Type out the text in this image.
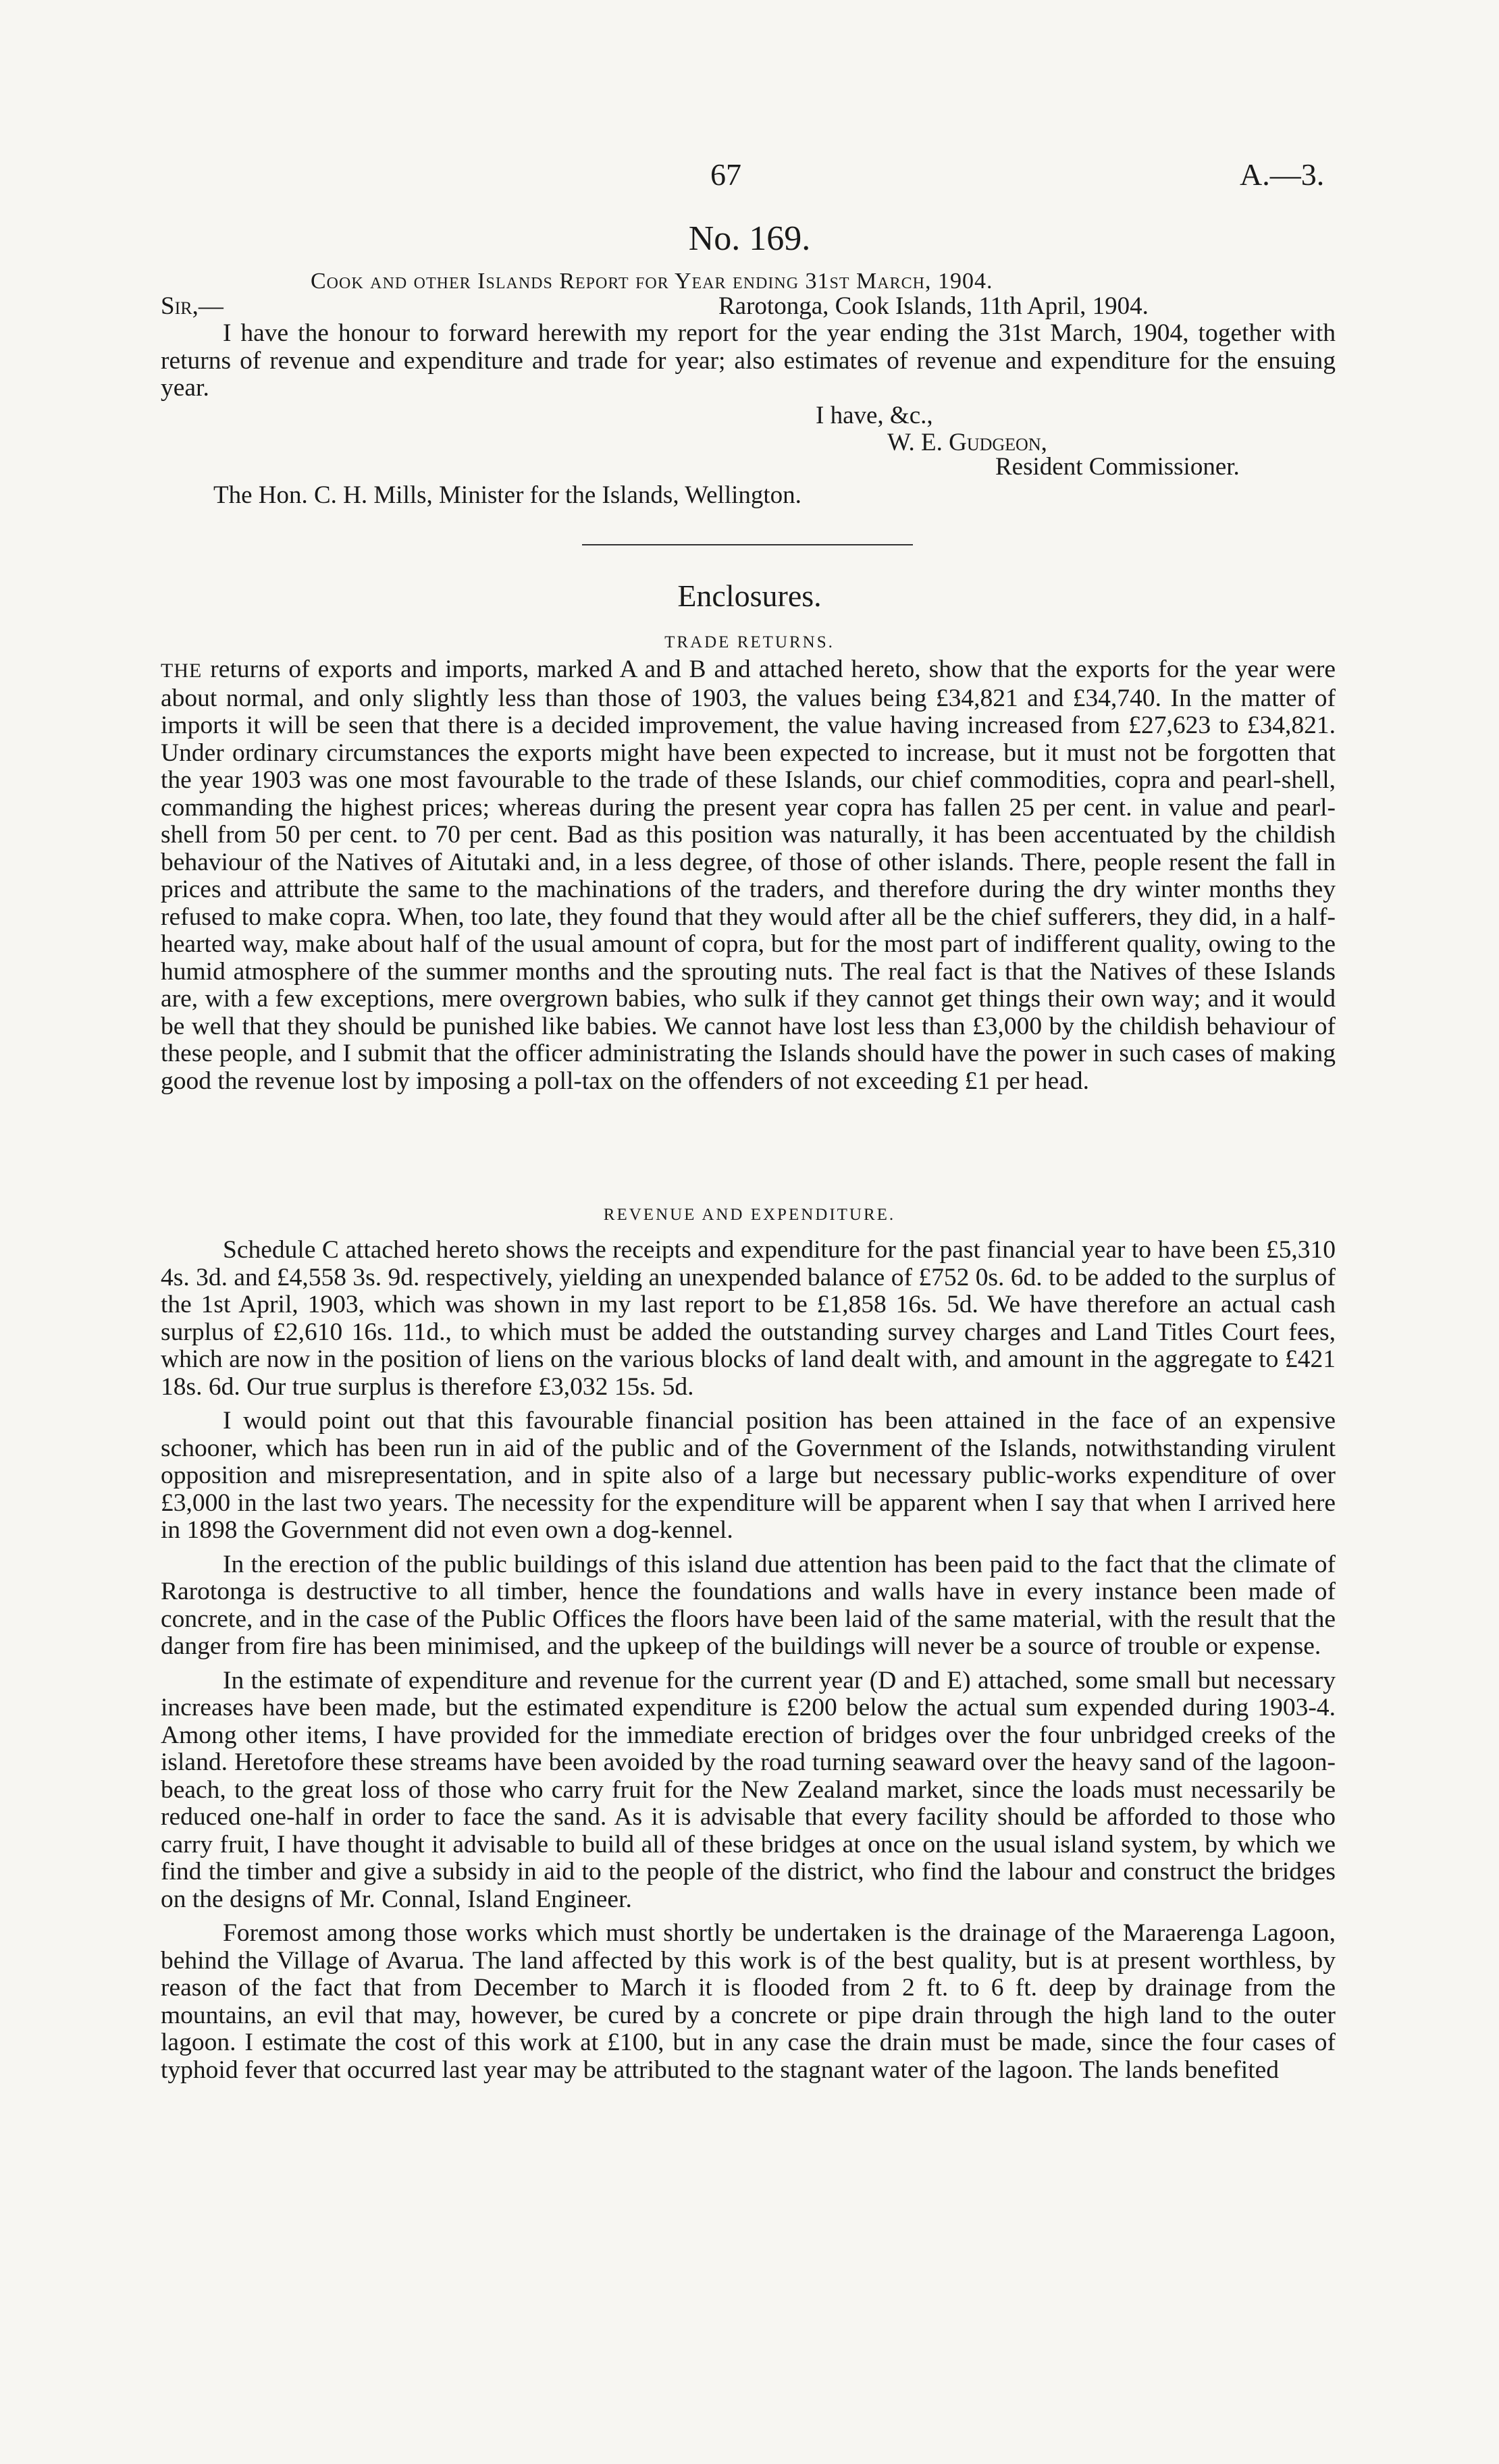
67	A.—3.
No. 169.
Cook and other Islands Report for Year ending 31st March, 1904.
Sir,—	Rarotonga, Cook Islands, 11th April, 1904.

I have the honour to forward herewith my report for the year ending the 31st March, 1904, together with returns of revenue and expenditure and trade for year; also estimates of revenue and expenditure for the ensuing year.

I have, &c.,
W. E. Gudgeon,
Resident Commissioner.
The Hon. C. H. Mills, Minister for the Islands, Wellington.
Enclosures.
TRADE RETURNS.

THE returns of exports and imports, marked A and B and attached hereto, show that the exports for the year were about normal, and only slightly less than those of 1903, the values being £34,821 and £34,740. In the matter of imports it will be seen that there is a decided improvement, the value having increased from £27,623 to £34,821. Under ordinary circumstances the exports might have been expected to increase, but it must not be forgotten that the year 1903 was one most favourable to the trade of these Islands, our chief commodities, copra and pearl-shell, commanding the highest prices; whereas during the present year copra has fallen 25 per cent. in value and pearl-shell from 50 per cent. to 70 per cent. Bad as this position was naturally, it has been accentuated by the childish behaviour of the Natives of Aitutaki and, in a less degree, of those of other islands. There, people resent the fall in prices and attribute the same to the machinations of the traders, and therefore during the dry winter months they refused to make copra. When, too late, they found that they would after all be the chief sufferers, they did, in a half-hearted way, make about half of the usual amount of copra, but for the most part of indifferent quality, owing to the humid atmosphere of the summer months and the sprouting nuts. The real fact is that the Natives of these Islands are, with a few exceptions, mere overgrown babies, who sulk if they cannot get things their own way; and it would be well that they should be punished like babies. We cannot have lost less than £3,000 by the childish behaviour of these people, and I submit that the officer administrating the Islands should have the power in such cases of making good the revenue lost by imposing a poll-tax on the offenders of not exceeding £1 per head.

REVENUE AND EXPENDITURE.

Schedule C attached hereto shows the receipts and expenditure for the past financial year to have been £5,310 4s. 3d. and £4,558 3s. 9d. respectively, yielding an unexpended balance of £752 0s. 6d. to be added to the surplus of the 1st April, 1903, which was shown in my last report to be £1,858 16s. 5d. We have therefore an actual cash surplus of £2,610 16s. 11d., to which must be added the outstanding survey charges and Land Titles Court fees, which are now in the position of liens on the various blocks of land dealt with, and amount in the aggregate to £421 18s. 6d. Our true surplus is therefore £3,032 15s. 5d.

I would point out that this favourable financial position has been attained in the face of an expensive schooner, which has been run in aid of the public and of the Government of the Islands, notwithstanding virulent opposition and misrepresentation, and in spite also of a large but necessary public-works expenditure of over £3,000 in the last two years. The necessity for the expenditure will be apparent when I say that when I arrived here in 1898 the Government did not even own a dog-kennel.

In the erection of the public buildings of this island due attention has been paid to the fact that the climate of Rarotonga is destructive to all timber, hence the foundations and walls have in every instance been made of concrete, and in the case of the Public Offices the floors have been laid of the same material, with the result that the danger from fire has been minimised, and the upkeep of the buildings will never be a source of trouble or expense.

In the estimate of expenditure and revenue for the current year (D and E) attached, some small but necessary increases have been made, but the estimated expenditure is £200 below the actual sum expended during 1903-4. Among other items, I have provided for the immediate erection of bridges over the four unbridged creeks of the island. Heretofore these streams have been avoided by the road turning seaward over the heavy sand of the lagoon-beach, to the great loss of those who carry fruit for the New Zealand market, since the loads must necessarily be reduced one-half in order to face the sand. As it is advisable that every facility should be afforded to those who carry fruit, I have thought it advisable to build all of these bridges at once on the usual island system, by which we find the timber and give a subsidy in aid to the people of the district, who find the labour and construct the bridges on the designs of Mr. Connal, Island Engineer.

Foremost among those works which must shortly be undertaken is the drainage of the Maraerenga Lagoon, behind the Village of Avarua. The land affected by this work is of the best quality, but is at present worthless, by reason of the fact that from December to March it is flooded from 2 ft. to 6 ft. deep by drainage from the mountains, an evil that may, however, be cured by a concrete or pipe drain through the high land to the outer lagoon. I estimate the cost of this work at £100, but in any case the drain must be made, since the four cases of typhoid fever that occurred last year may be attributed to the stagnant water of the lagoon. The lands benefited
